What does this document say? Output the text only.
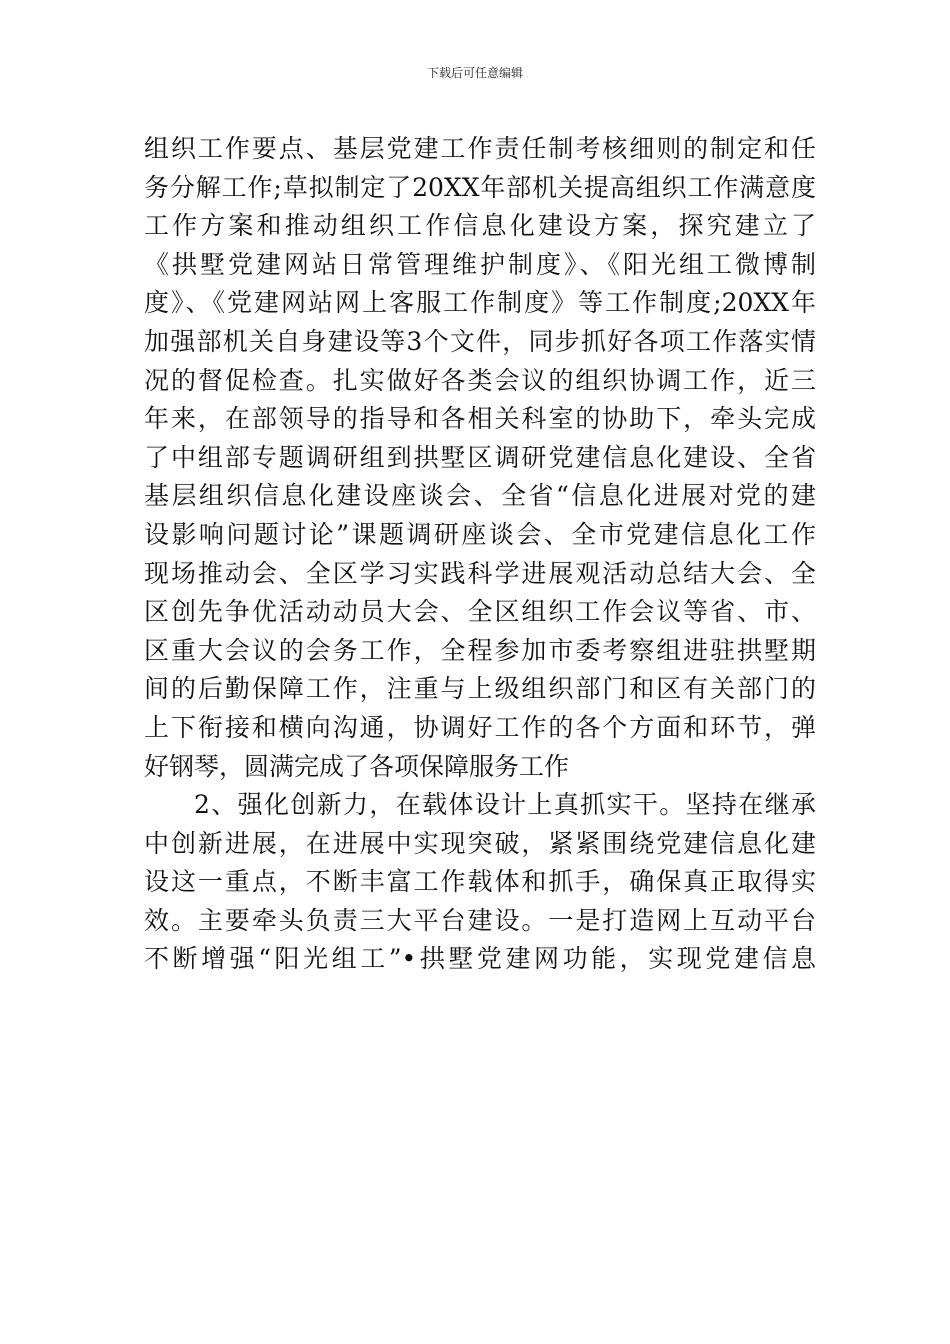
下载后可任意编辑
组织工作要点、基层党建工作责任制考核细则的制定和任
务分解工作;草拟制定了20XX年部机关提高组织工作满意度
工作方案和推动组织工作信息化建设方案，探究建立了
《拱墅党建网站日常管理维护制度》、《阳光组工微博制
度》、《党建网站网上客服工作制度》等工作制度;20XX年
加强部机关自身建设等3个文件，同步抓好各项工作落实情
况的督促检查。扎实做好各类会议的组织协调工作，近三
年来，在部领导的指导和各相关科室的协助下，牵头完成
了中组部专题调研组到拱墅区调研党建信息化建设、全省
基层组织信息化建设座谈会、全省“信息化进展对党的建
设影响问题讨论”课题调研座谈会、全市党建信息化工作
现场推动会、全区学习实践科学进展观活动总结大会、全
区创先争优活动动员大会、全区组织工作会议等省、市、
区重大会议的会务工作，全程参加市委考察组进驻拱墅期
间的后勤保障工作，注重与上级组织部门和区有关部门的
上下衔接和横向沟通，协调好工作的各个方面和环节，弹
好钢琴，圆满完成了各项保障服务工作
2、强化创新力，在载体设计上真抓实干。坚持在继承
中创新进展，在进展中实现突破，紧紧围绕党建信息化建
设这一重点，不断丰富工作载体和抓手，确保真正取得实
效。主要牵头负责三大平台建设。一是打造网上互动平台
不断增强“阳光组工”•拱墅党建网功能，实现党建信息
